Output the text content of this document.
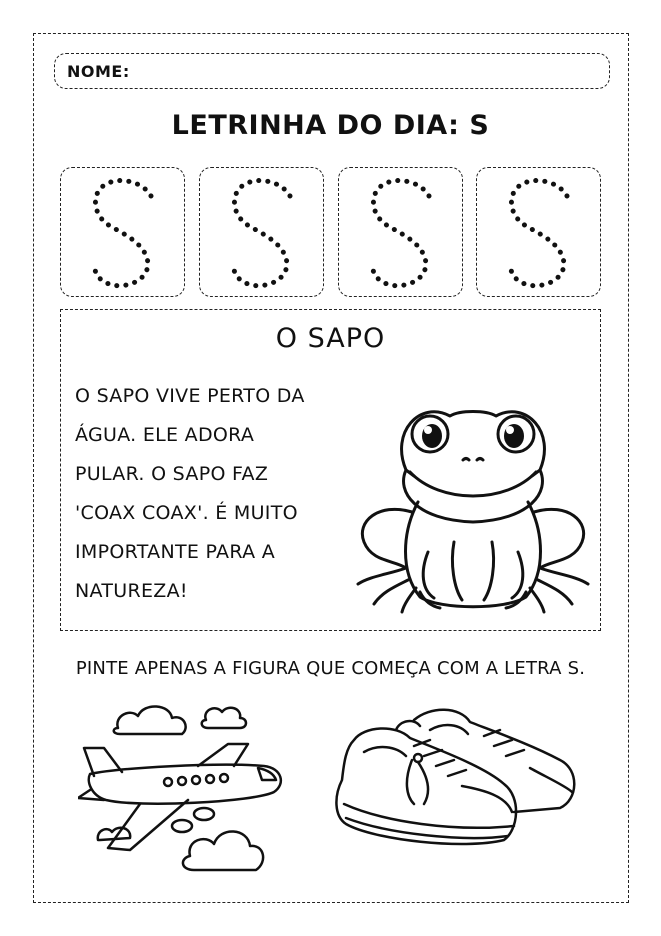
NOME:
LETRINHA DO DIA: S
O SAPO
O SAPO VIVE PERTO DA
ÁGUA. ELE ADORA
PULAR. O SAPO FAZ
'COAX COAX'. É MUITO
IMPORTANTE PARA A
NATUREZA!
PINTE APENAS A FIGURA QUE COMEÇA COM A LETRA S.
